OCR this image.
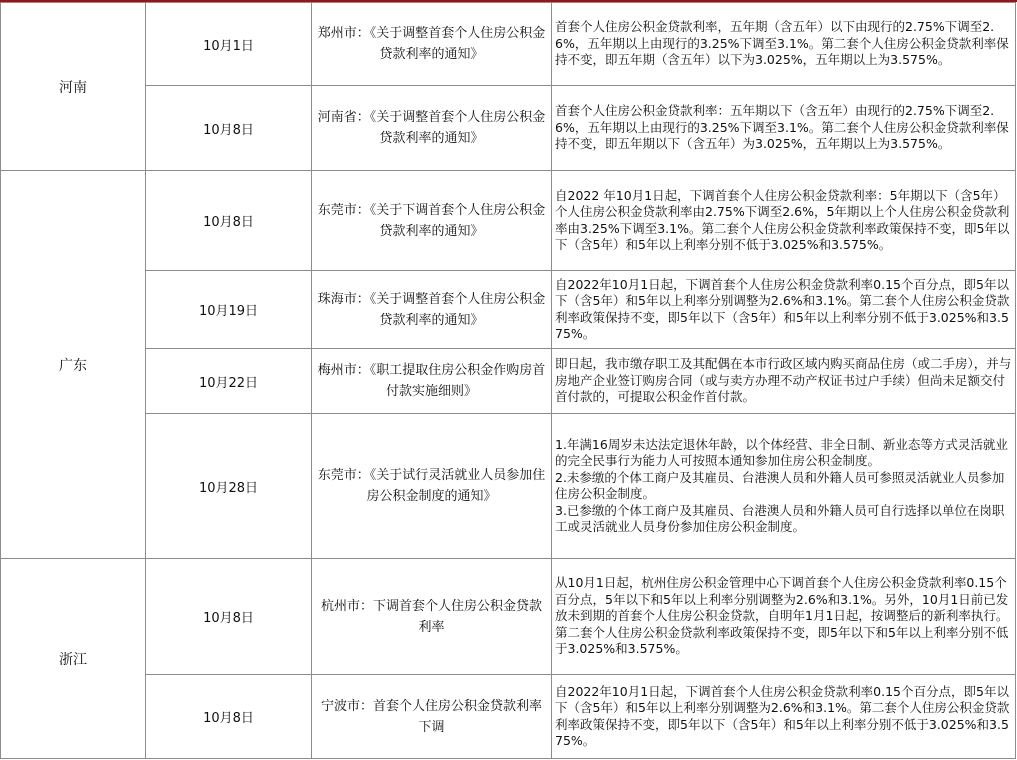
河南	10月1日	郑州市：《关于调整首套个人住房公积金贷款利率的通知》	首套个人住房公积金贷款利率，五年期（含五年）以下由现行的2.75%下调至2.6%，五年期以上由现行的3.25%下调至3.1%。第二套个人住房公积金贷款利率保持不变，即五年期（含五年）以下为3.025%，五年期以上为3.575%。
	10月8日	河南省：《关于调整首套个人住房公积金贷款利率的通知》	首套个人住房公积金贷款利率：五年期以下（含五年）由现行的2.75%下调至2.6%，五年期以上由现行的3.25%下调至3.1%。第二套个人住房公积金贷款利率保持不变，即五年期以下（含五年）为3.025%，五年期以上为3.575%。
广东	10月8日	东莞市：《关于下调首套个人住房公积金贷款利率的通知》	自2022 年10月1日起，下调首套个人住房公积金贷款利率：5年期以下（含5年）个人住房公积金贷款利率由2.75%下调至2.6%，5年期以上个人住房公积金贷款利率由3.25%下调至3.1%。第二套个人住房公积金贷款利率政策保持不变，即5年以下（含5年）和5年以上利率分别不低于3.025%和3.575%。
	10月19日	珠海市：《关于调整首套个人住房公积金贷款利率的通知》	自2022年10月1日起，下调首套个人住房公积金贷款利率0.15个百分点，即5年以下（含5年）和5年以上利率分别调整为2.6%和3.1%。第二套个人住房公积金贷款利率政策保持不变，即5年以下（含5年）和5年以上利率分别不低于3.025%和3.575%。
	10月22日	梅州市：《职工提取住房公积金作购房首付款实施细则》	即日起，我市缴存职工及其配偶在本市行政区域内购买商品住房（或二手房），并与房地产企业签订购房合同（或与卖方办理不动产权证书过户手续）但尚未足额交付首付款的，可提取公积金作首付款。
	10月28日	东莞市：《关于试行灵活就业人员参加住房公积金制度的通知》	1.年满16周岁未达法定退休年龄，以个体经营、非全日制、新业态等方式灵活就业的完全民事行为能力人可按照本通知参加住房公积金制度。
2.未参缴的个体工商户及其雇员、台港澳人员和外籍人员可参照灵活就业人员参加住房公积金制度。
3.已参缴的个体工商户及其雇员、台港澳人员和外籍人员可自行选择以单位在岗职工或灵活就业人员身份参加住房公积金制度。

浙江	10月8日	杭州市：下调首套个人住房公积金贷款利率	从10月1日起，杭州住房公积金管理中心下调首套个人住房公积金贷款利率0.15个百分点，5年以下和5年以上利率分别调整为2.6%和3.1%。另外，10月1日前已发放未到期的首套个人住房公积金贷款，自明年1月1日起，按调整后的新利率执行。第二套个人住房公积金贷款利率政策保持不变，即5年以下和5年以上利率分别不低于3.025%和3.575%。
	10月8日	宁波市：首套个人住房公积金贷款利率下调	自2022年10月1日起，下调首套个人住房公积金贷款利率0.15个百分点，即5年以下（含5年）和5年以上利率分别调整为2.6%和3.1%。第二套个人住房公积金贷款利率政策保持不变，即5年以下（含5年）和5年以上利率分别不低于3.025%和3.575%。
